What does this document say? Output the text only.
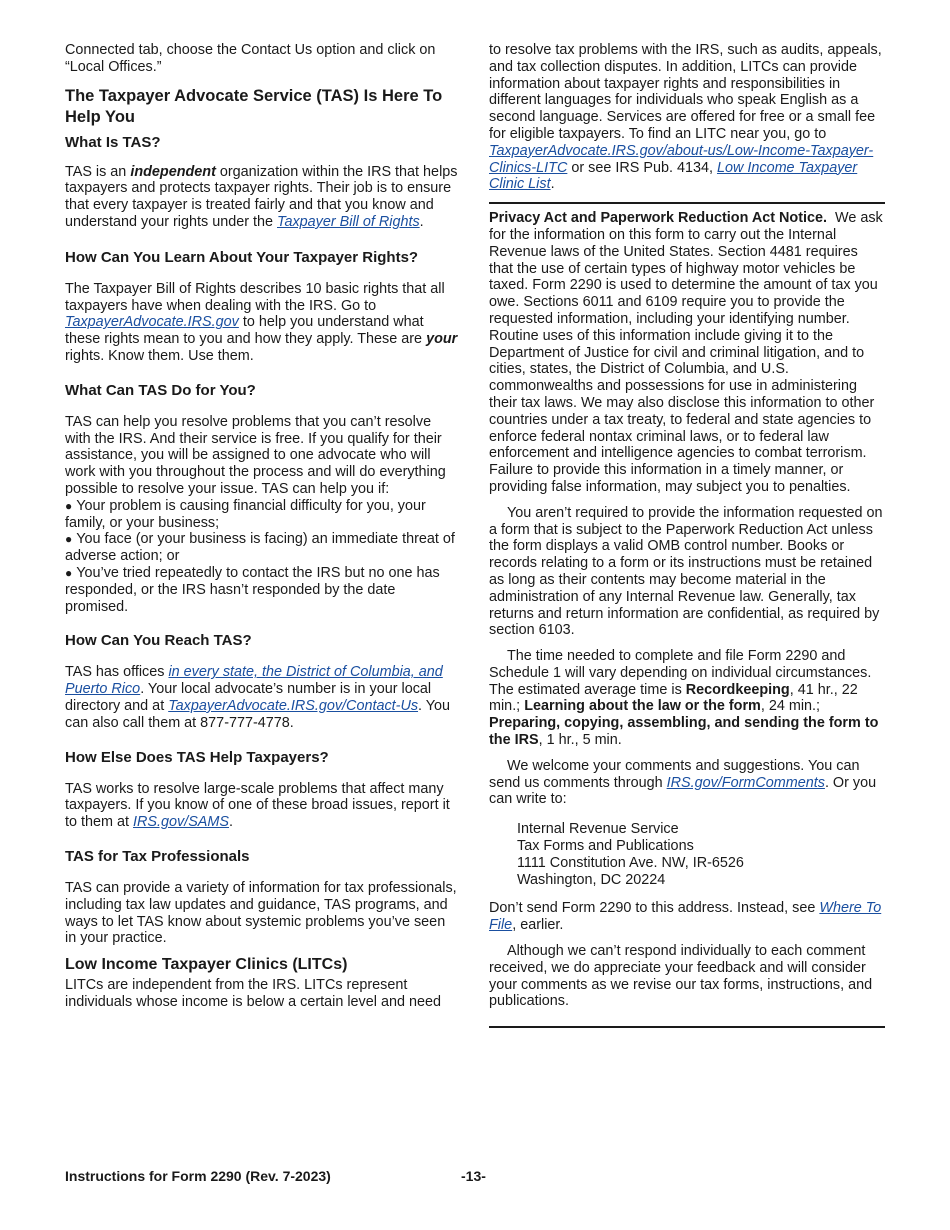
Connected tab, choose the Contact Us option and click on
“Local Offices.”

The Taxpayer Advocate Service (TAS) Is Here To Help You

What Is TAS?

TAS is an independent organization within the IRS that helps taxpayers and protects taxpayer rights. Their job is to ensure that every taxpayer is treated fairly and that you know and understand your rights under the Taxpayer Bill of Rights.

How Can You Learn About Your Taxpayer Rights?

The Taxpayer Bill of Rights describes 10 basic rights that all taxpayers have when dealing with the IRS. Go to TaxpayerAdvocate.IRS.gov to help you understand what these rights mean to you and how they apply. These are your rights. Know them. Use them.

What Can TAS Do for You?

TAS can help you resolve problems that you can’t resolve with the IRS. And their service is free. If you qualify for their assistance, you will be assigned to one advocate who will work with you throughout the process and will do everything possible to resolve your issue. TAS can help you if:

● Your problem is causing financial difficulty for you, your family, or your business;

● You face (or your business is facing) an immediate threat of adverse action; or

● You’ve tried repeatedly to contact the IRS but no one has responded, or the IRS hasn’t responded by the date promised.

How Can You Reach TAS?

TAS has offices in every state, the District of Columbia, and Puerto Rico. Your local advocate’s number is in your local directory and at TaxpayerAdvocate.IRS.gov/Contact-Us. You can also call them at 877-777-4778.

How Else Does TAS Help Taxpayers?

TAS works to resolve large-scale problems that affect many taxpayers. If you know of one of these broad issues, report it to them at IRS.gov/SAMS.

TAS for Tax Professionals

TAS can provide a variety of information for tax professionals, including tax law updates and guidance, TAS programs, and ways to let TAS know about systemic problems you’ve seen in your practice.

Low Income Taxpayer Clinics (LITCs)

LITCs are independent from the IRS. LITCs represent individuals whose income is below a certain level and need

to resolve tax problems with the IRS, such as audits, appeals, and tax collection disputes. In addition, LITCs can provide information about taxpayer rights and responsibilities in different languages for individuals who speak English as a second language. Services are offered for free or a small fee for eligible taxpayers. To find an LITC near you, go to TaxpayerAdvocate.IRS.gov/about-us/Low-Income-Taxpayer-Clinics-LITC or see IRS Pub. 4134, Low Income Taxpayer Clinic List.

Privacy Act and Paperwork Reduction Act Notice. We ask for the information on this form to carry out the Internal Revenue laws of the United States. Section 4481 requires that the use of certain types of highway motor vehicles be taxed. Form 2290 is used to determine the amount of tax you owe. Sections 6011 and 6109 require you to provide the requested information, including your identifying number. Routine uses of this information include giving it to the Department of Justice for civil and criminal litigation, and to cities, states, the District of Columbia, and U.S. commonwealths and possessions for use in administering their tax laws. We may also disclose this information to other countries under a tax treaty, to federal and state agencies to enforce federal nontax criminal laws, or to federal law enforcement and intelligence agencies to combat terrorism. Failure to provide this information in a timely manner, or providing false information, may subject you to penalties.

You aren’t required to provide the information requested on a form that is subject to the Paperwork Reduction Act unless the form displays a valid OMB control number. Books or records relating to a form or its instructions must be retained as long as their contents may become material in the administration of any Internal Revenue law. Generally, tax returns and return information are confidential, as required by section 6103.

The time needed to complete and file Form 2290 and Schedule 1 will vary depending on individual circumstances. The estimated average time is Recordkeeping, 41 hr., 22 min.; Learning about the law or the form, 24 min.; Preparing, copying, assembling, and sending the form to the IRS, 1 hr., 5 min.

We welcome your comments and suggestions. You can send us comments through IRS.gov/FormComments. Or you can write to:

Internal Revenue Service

Tax Forms and Publications

1111 Constitution Ave. NW, IR-6526

Washington, DC 20224

Don’t send Form 2290 to this address. Instead, see Where To File, earlier.

Although we can’t respond individually to each comment received, we do appreciate your feedback and will consider your comments as we revise our tax forms, instructions, and publications.

Instructions for Form 2290 (Rev. 7-2023)	-13-
